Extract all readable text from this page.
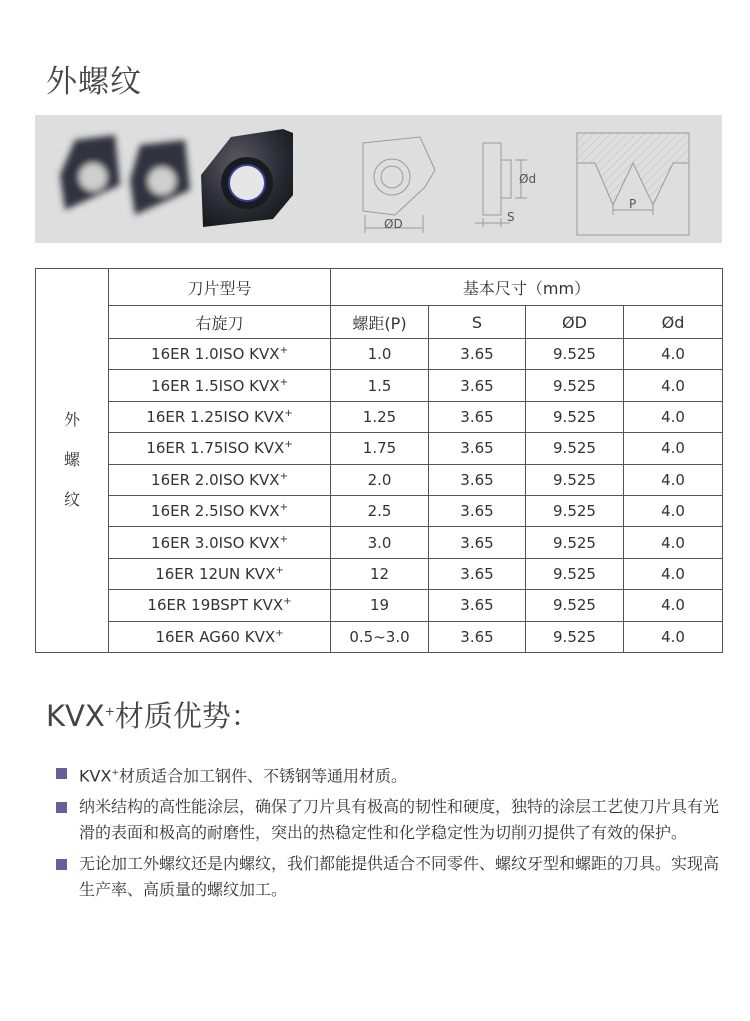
外螺纹
ØD
Ød
S
P
外
螺
纹	刀片型号	基本尺寸（mm）			
	右旋刀	螺距(P)	S	ØD	Ød
	16ER 1.0ISO KVX+	1.0	3.65	9.525	4.0
	16ER 1.5ISO KVX+	1.5	3.65	9.525	4.0
	16ER 1.25ISO KVX+	1.25	3.65	9.525	4.0
	16ER 1.75ISO KVX+	1.75	3.65	9.525	4.0
	16ER 2.0ISO KVX+	2.0	3.65	9.525	4.0
	16ER 2.5ISO KVX+	2.5	3.65	9.525	4.0
	16ER 3.0ISO KVX+	3.0	3.65	9.525	4.0
	16ER 12UN KVX+	12	3.65	9.525	4.0
	16ER 19BSPT KVX+	19	3.65	9.525	4.0
	16ER AG60 KVX+	0.5~3.0	3.65	9.525	4.0
KVX+材质优势：
KVX+材质适合加工钢件、不锈钢等通用材质。
纳米结构的高性能涂层，确保了刀片具有极高的韧性和硬度，独特的涂层工艺使刀片具有光滑的表面和极高的耐磨性，突出的热稳定性和化学稳定性为切削刃提供了有效的保护。
无论加工外螺纹还是内螺纹，我们都能提供适合不同零件、螺纹牙型和螺距的刀具。实现高生产率、高质量的螺纹加工。
